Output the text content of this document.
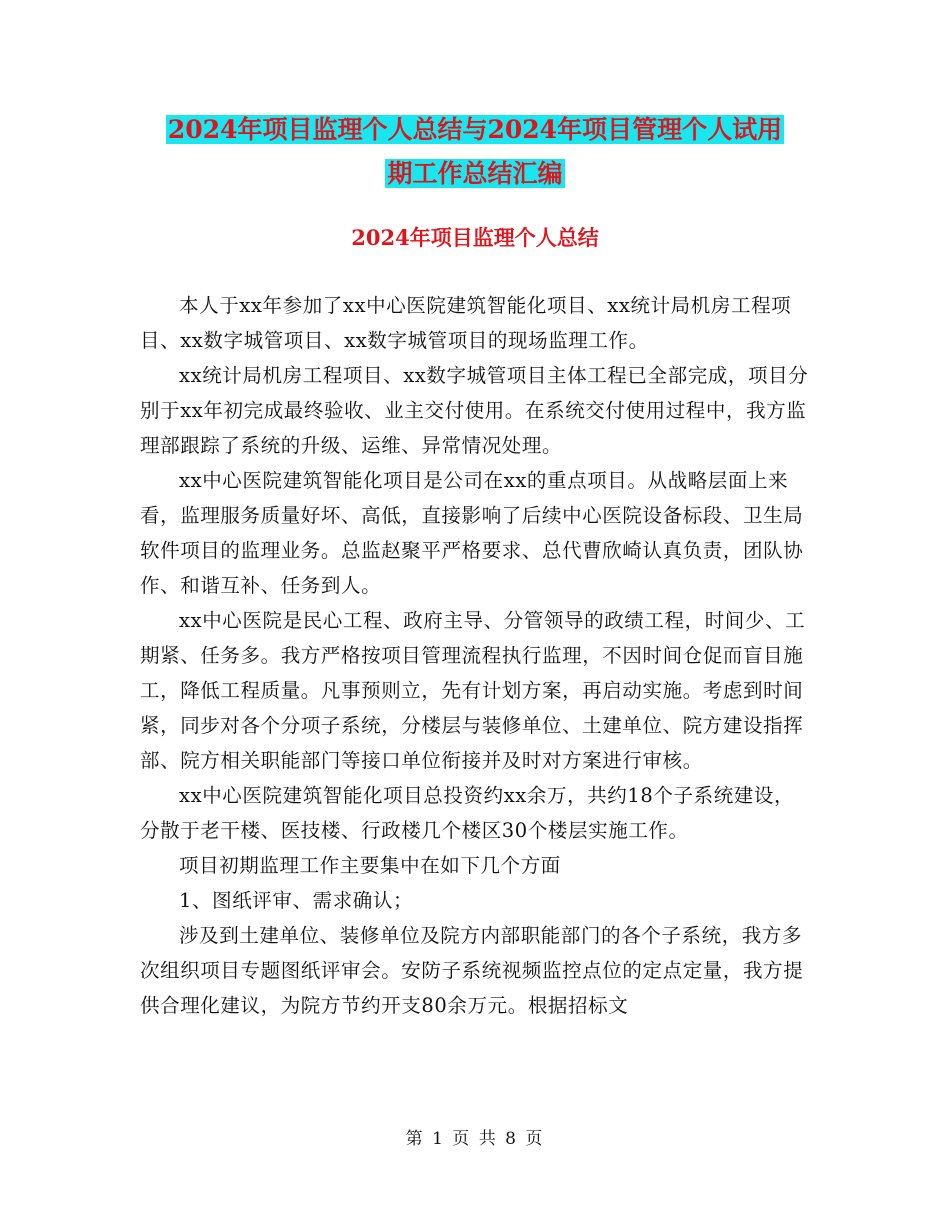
2024年项目监理个人总结与2024年项目管理个人试用
期工作总结汇编
2024年项目监理个人总结

本人于xx年参加了xx中心医院建筑智能化项目、xx统计局机房工程项目、xx数字城管项目、xx数字城管项目的现场监理工作。

xx统计局机房工程项目、xx数字城管项目主体工程已全部完成，项目分别于xx年初完成最终验收、业主交付使用。在系统交付使用过程中，我方监理部跟踪了系统的升级、运维、异常情况处理。

xx中心医院建筑智能化项目是公司在xx的重点项目。从战略层面上来看，监理服务质量好坏、高低，直接影响了后续中心医院设备标段、卫生局软件项目的监理业务。总监赵聚平严格要求、总代曹欣崎认真负责，团队协作、和谐互补、任务到人。

xx中心医院是民心工程、政府主导、分管领导的政绩工程，时间少、工期紧、任务多。我方严格按项目管理流程执行监理，不因时间仓促而盲目施工，降低工程质量。凡事预则立，先有计划方案，再启动实施。考虑到时间紧，同步对各个分项子系统，分楼层与装修单位、土建单位、院方建设指挥部、院方相关职能部门等接口单位衔接并及时对方案进行审核。

xx中心医院建筑智能化项目总投资约xx余万，共约18个子系统建设，分散于老干楼、医技楼、行政楼几个楼区30个楼层实施工作。

项目初期监理工作主要集中在如下几个方面

1、图纸评审、需求确认；

涉及到土建单位、装修单位及院方内部职能部门的各个子系统，我方多次组织项目专题图纸评审会。安防子系统视频监控点位的定点定量，我方提供合理化建议，为院方节约开支80余万元。根据招标文

第 1 页 共 8 页
